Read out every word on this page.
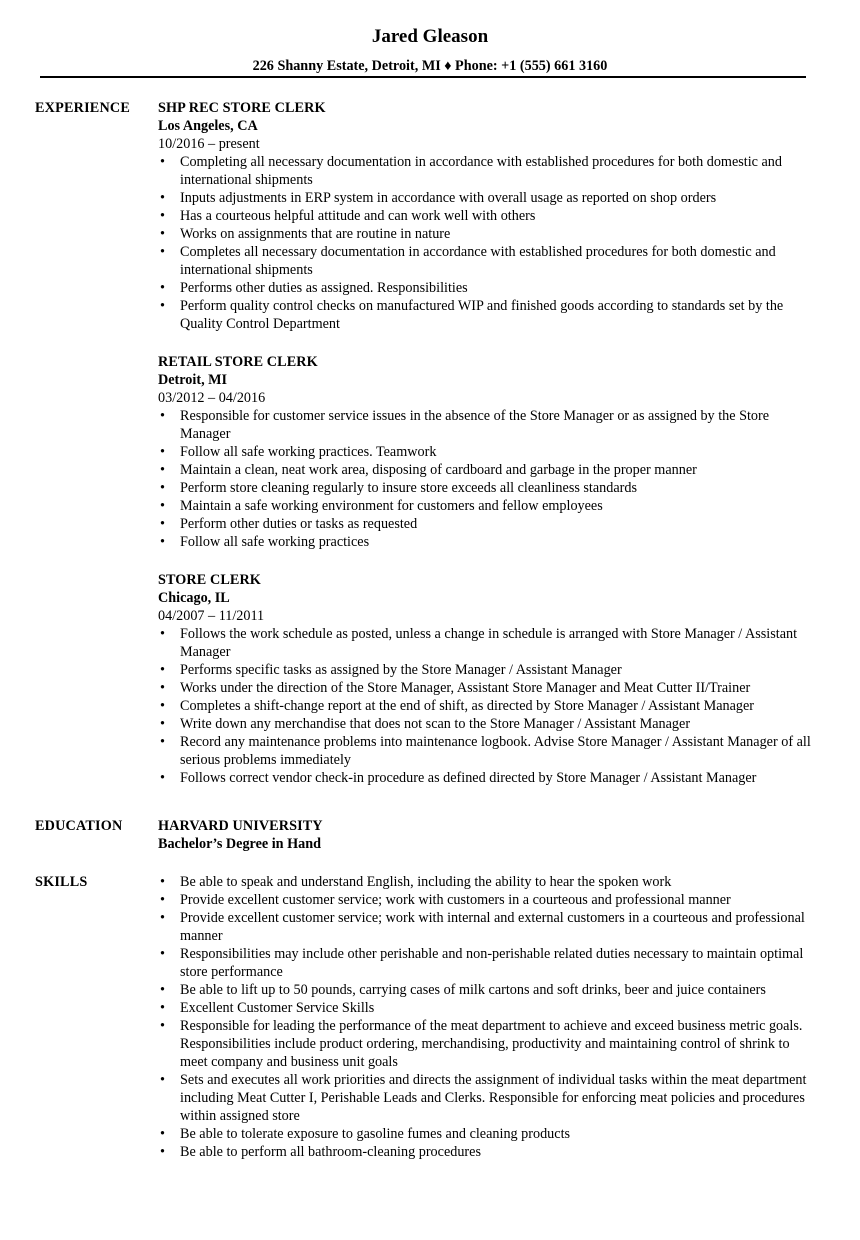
Jared Gleason
226 Shanny Estate, Detroit, MI ♦ Phone: +1 (555) 661 3160
EXPERIENCE SHP REC STORE CLERK
Los Angeles, CA
10/2016 – present
• Completing all necessary documentation in accordance with established procedures for both domestic and international shipments
• Inputs adjustments in ERP system in accordance with overall usage as reported on shop orders
• Has a courteous helpful attitude and can work well with others
• Works on assignments that are routine in nature
• Completes all necessary documentation in accordance with established procedures for both domestic and international shipments
• Performs other duties as assigned. Responsibilities
• Perform quality control checks on manufactured WIP and finished goods according to standards set by the Quality Control Department
RETAIL STORE CLERK
Detroit, MI
03/2012 – 04/2016
• Responsible for customer service issues in the absence of the Store Manager or as assigned by the Store Manager
• Follow all safe working practices. Teamwork
• Maintain a clean, neat work area, disposing of cardboard and garbage in the proper manner
• Perform store cleaning regularly to insure store exceeds all cleanliness standards
• Maintain a safe working environment for customers and fellow employees
• Perform other duties or tasks as requested
• Follow all safe working practices
STORE CLERK
Chicago, IL
04/2007 – 11/2011
• Follows the work schedule as posted, unless a change in schedule is arranged with Store Manager / Assistant Manager
• Performs specific tasks as assigned by the Store Manager / Assistant Manager
• Works under the direction of the Store Manager, Assistant Store Manager and Meat Cutter II/Trainer
• Completes a shift-change report at the end of shift, as directed by Store Manager / Assistant Manager
• Write down any merchandise that does not scan to the Store Manager / Assistant Manager
• Record any maintenance problems into maintenance logbook. Advise Store Manager / Assistant Manager of all serious problems immediately
• Follows correct vendor check-in procedure as defined directed by Store Manager / Assistant Manager
EDUCATION	HARVARD UNIVERSITY
Bachelor’s Degree in Hand
SKILLS
•	Be able to speak and understand English, including the ability to hear the spoken work
• Provide excellent customer service; work with customers in a courteous and professional manner
• Provide excellent customer service; work with internal and external customers in a courteous and professional manner
• Responsibilities may include other perishable and non-perishable related duties necessary to maintain optimal store performance
• Be able to lift up to 50 pounds, carrying cases of milk cartons and soft drinks, beer and juice containers
• Excellent Customer Service Skills
• Responsible for leading the performance of the meat department to achieve and exceed business metric goals. Responsibilities include product ordering, merchandising, productivity and maintaining control of shrink to meet company and business unit goals
• Sets and executes all work priorities and directs the assignment of individual tasks within the meat department including Meat Cutter I, Perishable Leads and Clerks. Responsible for enforcing meat policies and procedures within assigned store
• Be able to tolerate exposure to gasoline fumes and cleaning products
• Be able to perform all bathroom-cleaning procedures
